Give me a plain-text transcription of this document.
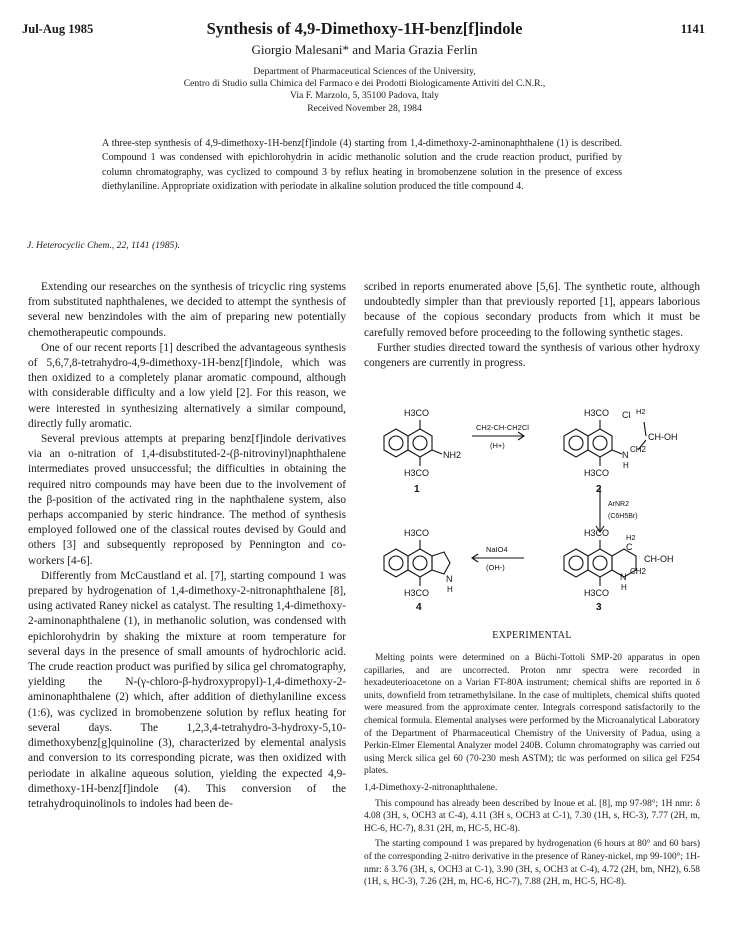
Jul-Aug 1985	1141
Synthesis of 4,9-Dimethoxy-1H-benz[f]indole
Giorgio Malesani* and Maria Grazia Ferlin
Department of Pharmaceutical Sciences of the University,
Centro di Studio sulla Chimica del Farmaco e dei Prodotti Biologicamente Attiviti del C.N.R.,
Via F. Marzolo, 5, 35100 Padova, Italy
Received November 28, 1984
A three-step synthesis of 4,9-dimethoxy-1H-benz[f]indole (4) starting from 1,4-dimethoxy-2-aminonaphthalene (1) is described. Compound 1 was condensed with epichlorohydrin in acidic methanolic solution and the crude reaction product, purified by column chromatography, was cyclized to compound 3 by reflux heating in bromobenzene solution in the presence of excess diethylaniline. Appropriate oxidization with periodate in alkaline solution produced the title compound 4.
J. Heterocyclic Chem., 22, 1141 (1985).

Extending our researches on the synthesis of tricyclic ring systems from substituted naphthalenes, we decided to attempt the synthesis of several new benzindoles with the aim of preparing new potentially chemotherapeutic compounds.

One of our recent reports [1] described the advantageous synthesis of 5,6,7,8-tetrahydro-4,9-dimethoxy-1H-benz[f]indole, which was then oxidized to a completely planar aromatic compound, although with considerable difficulty and a low yield [2]. For this reason, we were interested in synthesizing alternatively a similar compound, directly fully aromatic.

Several previous attempts at preparing benz[f]indole derivatives via an o-nitration of 1,4-disubstituted-2-(β-nitrovinyl)naphthalene intermediates proved unsuccessful; the difficulties in obtaining the required nitro compounds may have been due to the involvement of the β-position of the activated ring in the naphthalene system, also perhaps accompanied by steric hindrance. The method of synthesis employed followed one of the classical routes devised by Gould and others [3] and subsequently reproposed by Pennington and co-workers [4-6].

Differently from McCaustland et al. [7], starting compound 1 was prepared by hydrogenation of 1,4-dimethoxy-2-nitronaphthalene [8], using activated Raney nickel as catalyst. The resulting 1,4-dimethoxy-2-aminonaphthalene (1), in methanolic solution, was condensed with epichlorohydrin by shaking the mixture at room temperature for several days in the presence of small amounts of hydrochloric acid. The crude reaction product was purified by silica gel chromatography, yielding the N-(γ-chloro-β-hydroxypropyl)-1,4-dimethoxy-2-aminonaphthalene (2) which, after addition of diethylaniline excess (1:6), was cyclized in bromobenzene solution by reflux heating for several days. The 1,2,3,4-tetrahydro-3-hydroxy-5,10-dimethoxybenz[g]quinoline (3), characterized by elemental analysis and conversion to its corresponding picrate, was then oxidized with periodate in alkaline aqueous solution, yielding the expected 4,9-dimethoxy-1H-benz[f]indole (4). This conversion of the tetrahydroquinolinols to indoles had been de-

scribed in reports enumerated above [5,6]. The synthetic route, although undoubtedly simpler than that previously reported [1], appears laborious because of the copious secondary products from which it must be carefully removed before proceeding to the following synthetic stages.

Further studies directed toward the synthesis of various other hydroxy congeners are currently in progress.

H3CO
H3CO
NH2
1
CH2-CH-CH2Cl
(H+)
H3CO
H3CO
Cl H2
CH-OH
N
CH2
H
2
ArNR2
(C6H5Br)
H3CO
H3CO
H2
C
CH-OH
N
CH2
H
3
NaIO4
(OH-)
H3CO
H3CO
N
H
4
EXPERIMENTAL

Melting points were determined on a Büchi-Tottoli SMP-20 apparatus in open capillaries, and are uncorrected. Proton nmr spectra were recorded in hexadeuterioacetone on a Varian FT-80A instrument; chemical shifts are reported in δ units, downfield from tetramethylsilane. In the case of multiplets, chemical shifts quoted were measured from the approximate center. Integrals correspond satisfactorily to the chemical formula. Elemental analyses were performed by the Microanalytical Laboratory of the Department of Pharmaceutical Chemistry of the University of Padua, using a Perkin-Elmer Elemental Analyzer model 240B. Column chromatography was carried out using Merck silica gel 60 (70-230 mesh ASTM); tlc was performed on silica gel F254 plates.

1,4-Dimethoxy-2-nitronaphthalene.

This compound has already been described by Inoue et al. [8], mp 97-98°; 1H nmr: δ 4.08 (3H, s, OCH3 at C-4), 4.11 (3H s, OCH3 at C-1), 7.30 (1H, s, HC-3), 7.77 (2H, m, HC-6, HC-7), 8.31 (2H, m, HC-5, HC-8).

The starting compound 1 was prepared by hydrogenation (6 hours at 80° and 60 bars) of the corresponding 2-nitro derivative in the presence of Raney-nickel, mp 99-100°; 1H-nmr: δ 3.76 (3H, s, OCH3 at C-1), 3.90 (3H, s, OCH3 at C-4), 4.72 (2H, bm, NH2), 6.58 (1H, s, HC-3), 7.26 (2H, m, HC-6, HC-7), 7.88 (2H, m, HC-5, HC-8).
